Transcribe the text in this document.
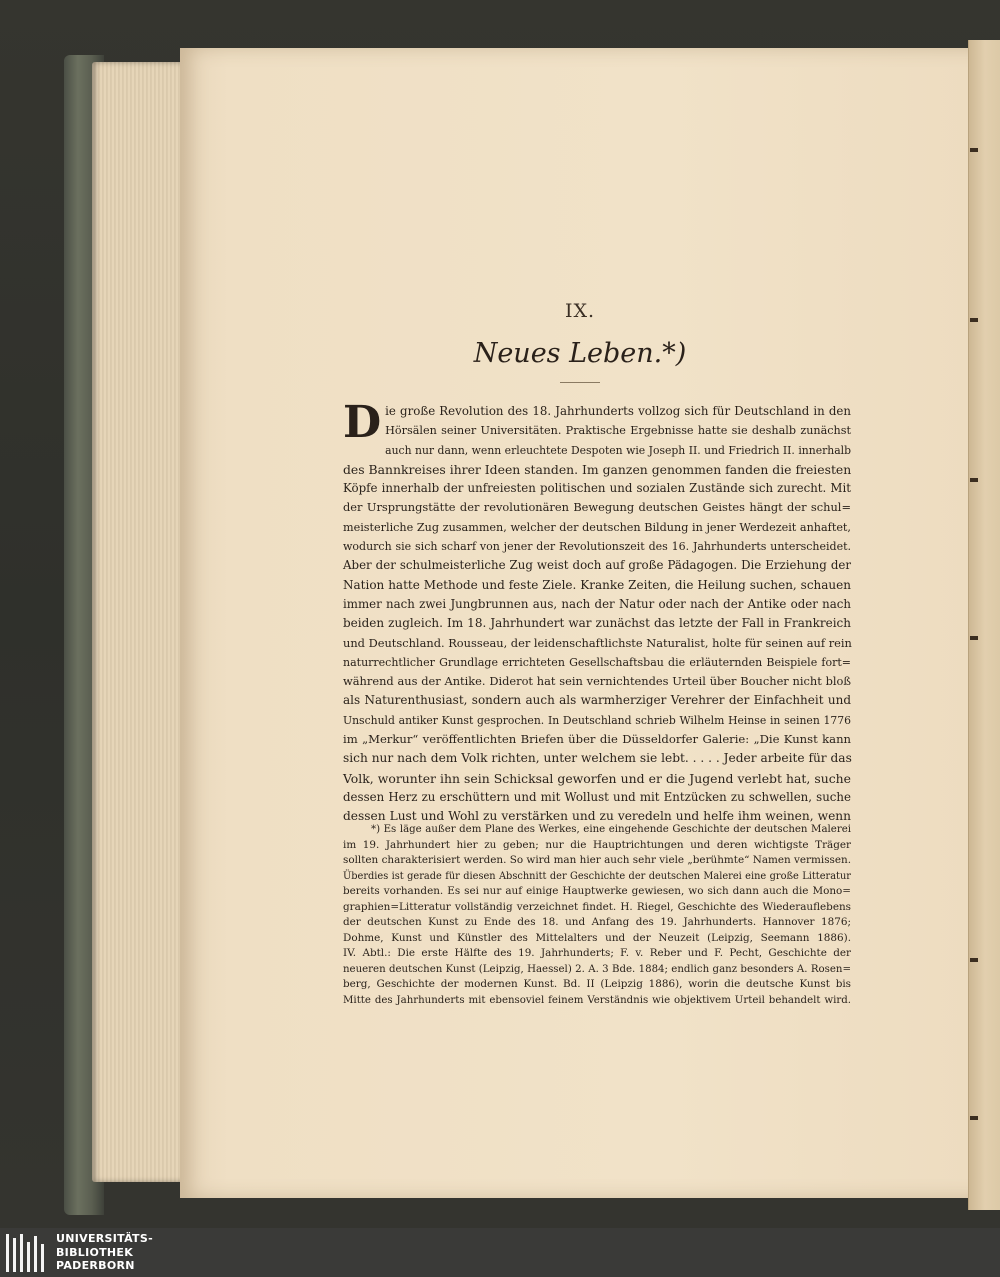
IX.
Neues Leben.*)
D ie große Revolution des 18. Jahrhunderts vollzog sich für Deutschland in den
Hörsälen seiner Universitäten. Praktische Ergebnisse hatte sie deshalb zunächst
auch nur dann, wenn erleuchtete Despoten wie Joseph II. und Friedrich II. innerhalb
des Bannkreises ihrer Ideen standen. Im ganzen genommen fanden die freiesten
Köpfe innerhalb der unfreiesten politischen und sozialen Zustände sich zurecht. Mit
der Ursprungstätte der revolutionären Bewegung deutschen Geistes hängt der schul=
meisterliche Zug zusammen, welcher der deutschen Bildung in jener Werdezeit anhaftet,
wodurch sie sich scharf von jener der Revolutionszeit des 16. Jahrhunderts unterscheidet.
Aber der schulmeisterliche Zug weist doch auf große Pädagogen. Die Erziehung der
Nation hatte Methode und feste Ziele. Kranke Zeiten, die Heilung suchen, schauen
immer nach zwei Jungbrunnen aus, nach der Natur oder nach der Antike oder nach
beiden zugleich. Im 18. Jahrhundert war zunächst das letzte der Fall in Frankreich
und Deutschland. Rousseau, der leidenschaftlichste Naturalist, holte für seinen auf rein
naturrechtlicher Grundlage errichteten Gesellschaftsbau die erläuternden Beispiele fort=
während aus der Antike. Diderot hat sein vernichtendes Urteil über Boucher nicht bloß
als Naturenthusiast, sondern auch als warmherziger Verehrer der Einfachheit und
Unschuld antiker Kunst gesprochen. In Deutschland schrieb Wilhelm Heinse in seinen 1776
im „Merkur“ veröffentlichten Briefen über die Düsseldorfer Galerie: „Die Kunst kann
sich nur nach dem Volk richten, unter welchem sie lebt. . . . . Jeder arbeite für das
Volk, worunter ihn sein Schicksal geworfen und er die Jugend verlebt hat, suche
dessen Herz zu erschüttern und mit Wollust und mit Entzücken zu schwellen, suche
dessen Lust und Wohl zu verstärken und zu veredeln und helfe ihm weinen, wenn
*) Es läge außer dem Plane des Werkes, eine eingehende Geschichte der deutschen Malerei
im 19. Jahrhundert hier zu geben; nur die Hauptrichtungen und deren wichtigste Träger
sollten charakterisiert werden. So wird man hier auch sehr viele „berühmte“ Namen vermissen.
Überdies ist gerade für diesen Abschnitt der Geschichte der deutschen Malerei eine große Litteratur
bereits vorhanden. Es sei nur auf einige Hauptwerke gewiesen, wo sich dann auch die Mono=
graphien=Litteratur vollständig verzeichnet findet. H. Riegel, Geschichte des Wiederauflebens
der deutschen Kunst zu Ende des 18. und Anfang des 19. Jahrhunderts. Hannover 1876;
Dohme, Kunst und Künstler des Mittelalters und der Neuzeit (Leipzig, Seemann 1886).
IV. Abtl.: Die erste Hälfte des 19. Jahrhunderts; F. v. Reber und F. Pecht, Geschichte der
neueren deutschen Kunst (Leipzig, Haessel) 2. A. 3 Bde. 1884; endlich ganz besonders A. Rosen=
berg, Geschichte der modernen Kunst. Bd. II (Leipzig 1886), worin die deutsche Kunst bis
Mitte des Jahrhunderts mit ebensoviel feinem Verständnis wie objektivem Urteil behandelt wird.
UNIVERSITÄTS-
BIBLIOTHEK
PADERBORN
